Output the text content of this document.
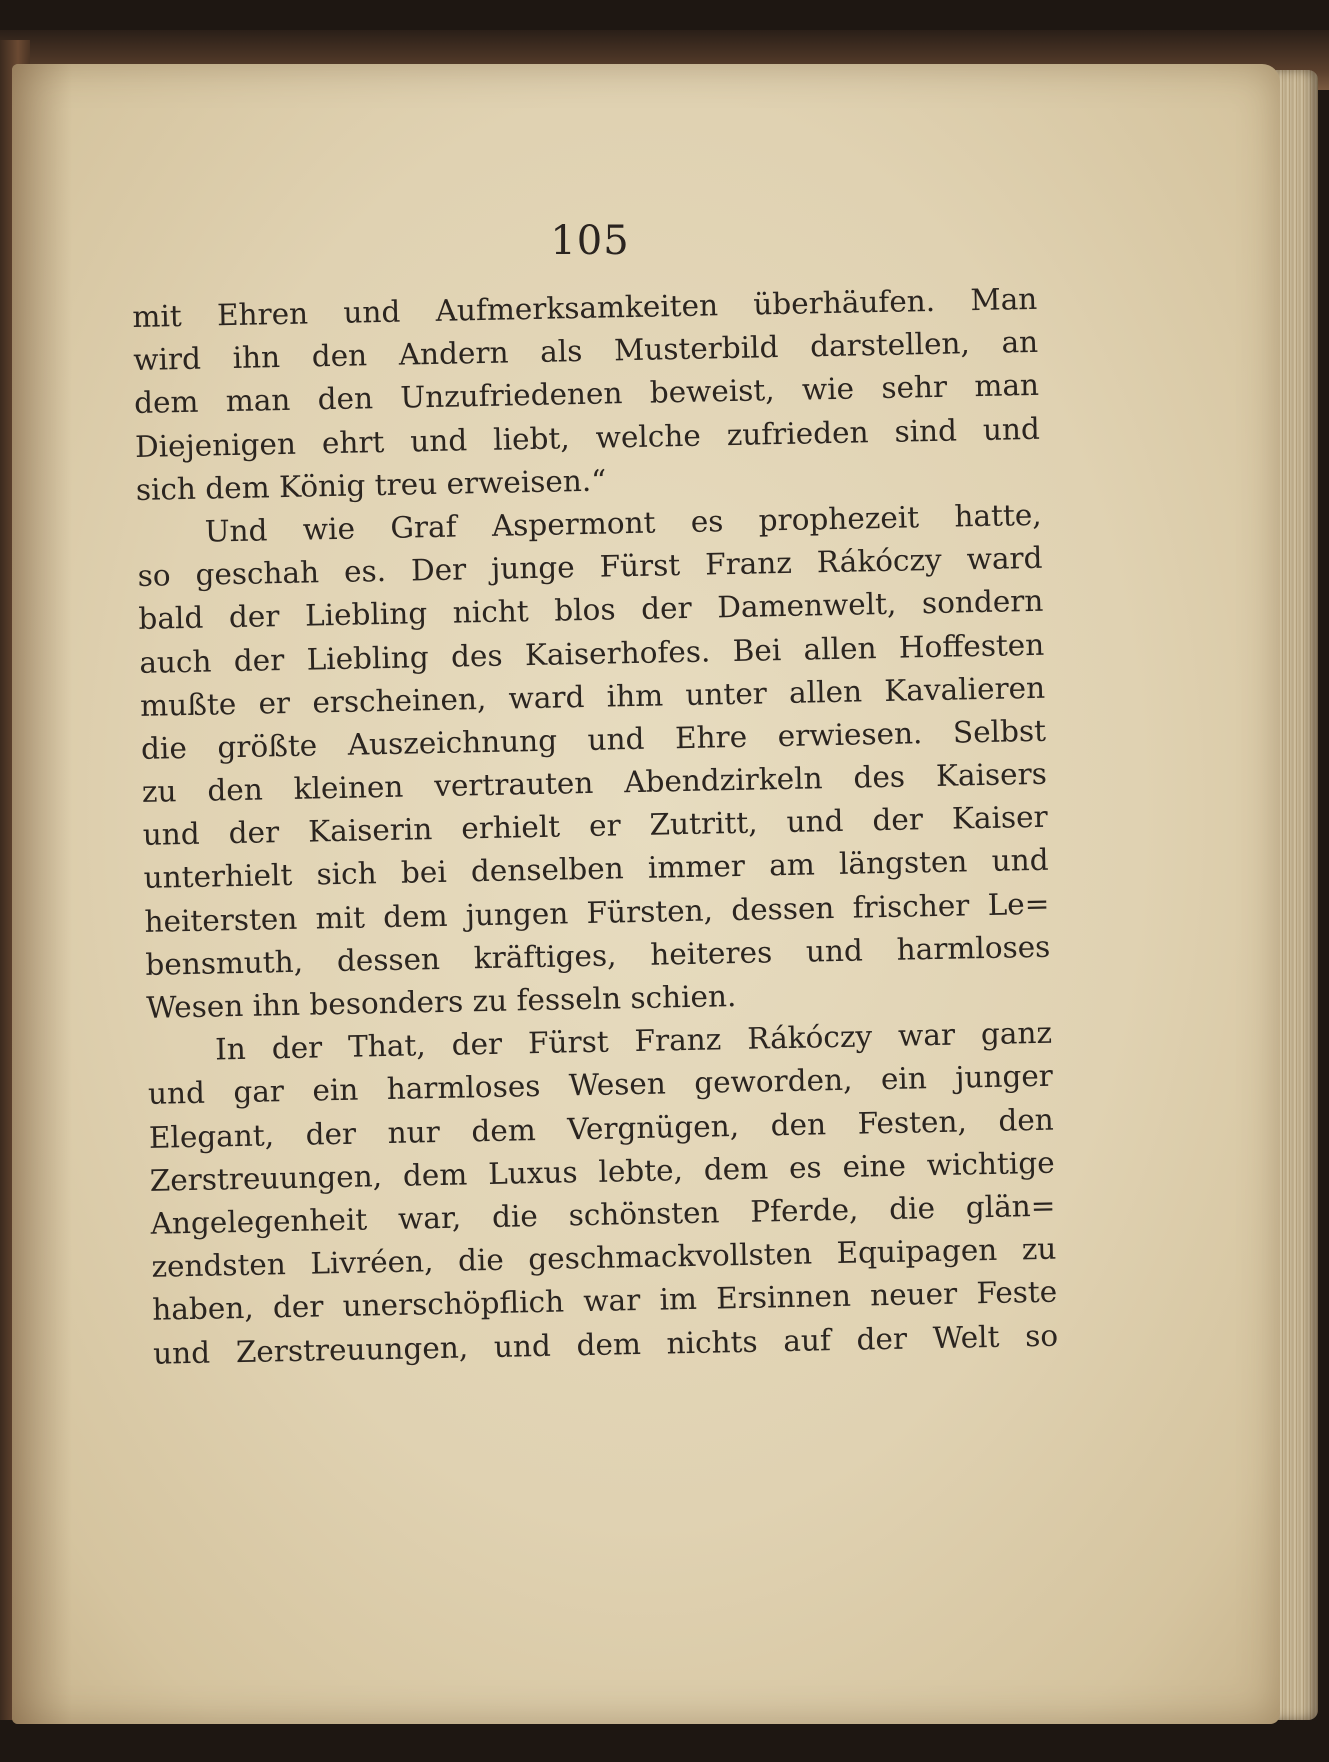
105
mit Ehren und Aufmerksamkeiten überhäufen. Man
wird ihn den Andern als Musterbild darstellen, an
dem man den Unzufriedenen beweist, wie sehr man
Diejenigen ehrt und liebt, welche zufrieden sind und
sich dem König treu erweisen.“
Und wie Graf Aspermont es prophezeit hatte,
so geschah es. Der junge Fürst Franz Rákóczy ward
bald der Liebling nicht blos der Damenwelt, sondern
auch der Liebling des Kaiserhofes. Bei allen Hoffesten
mußte er erscheinen, ward ihm unter allen Kavalieren
die größte Auszeichnung und Ehre erwiesen. Selbst
zu den kleinen vertrauten Abendzirkeln des Kaisers
und der Kaiserin erhielt er Zutritt, und der Kaiser
unterhielt sich bei denselben immer am längsten und
heitersten mit dem jungen Fürsten, dessen frischer Le=
bensmuth, dessen kräftiges, heiteres und harmloses
Wesen ihn besonders zu fesseln schien.
In der That, der Fürst Franz Rákóczy war ganz
und gar ein harmloses Wesen geworden, ein junger
Elegant, der nur dem Vergnügen, den Festen, den
Zerstreuungen, dem Luxus lebte, dem es eine wichtige
Angelegenheit war, die schönsten Pferde, die glän=
zendsten Livréen, die geschmackvollsten Equipagen zu
haben, der unerschöpflich war im Ersinnen neuer Feste
und Zerstreuungen, und dem nichts auf der Welt so
